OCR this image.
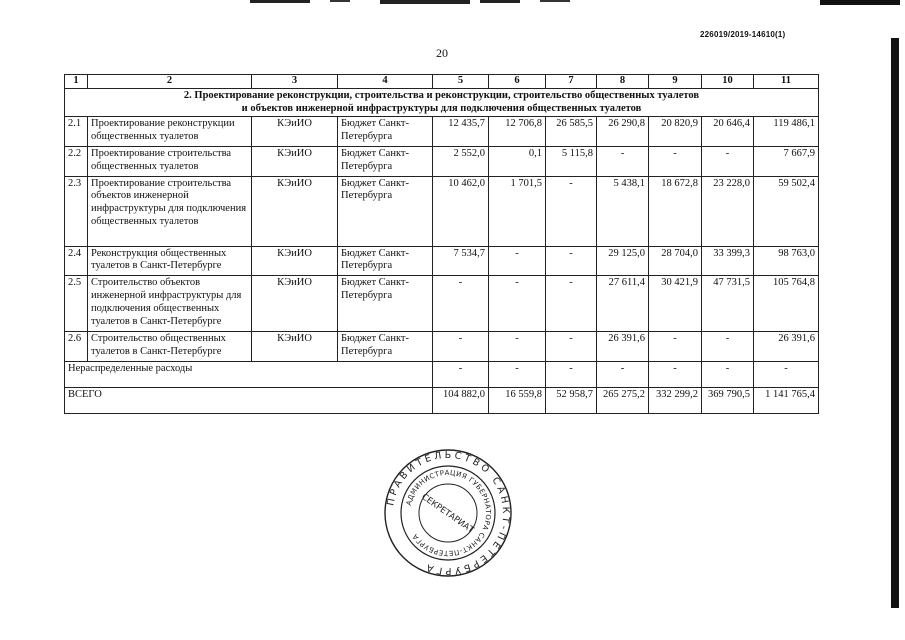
226019/2019-14610(1)
20
1	2	3	4	5	6	7	8	9	10	11
2. Проектирование реконструкции, строительства и реконструкции, строительство общественных туалетов
и объектов инженерной инфраструктуры для подключения общественных туалетов										
2.1	Проектирование реконструкции общественных туалетов	КЭиИО	Бюджет Санкт-Петербурга	12 435,7	12 706,8	26 585,5	26 290,8	20 820,9	20 646,4	119 486,1
2.2	Проектирование строительства общественных туалетов	КЭиИО	Бюджет Санкт-Петербурга	2 552,0	0,1	5 115,8	-	-	-	7 667,9
2.3	Проектирование строительства объектов инженерной инфраструктуры для подключения общественных туалетов	КЭиИО	Бюджет Санкт-Петербурга	10 462,0	1 701,5	-	5 438,1	18 672,8	23 228,0	59 502,4
2.4	Реконструкция общественных туалетов в Санкт-Петербурге	КЭиИО	Бюджет Санкт-Петербурга	7 534,7	-	-	29 125,0	28 704,0	33 399,3	98 763,0
2.5	Строительство объектов инженерной инфраструктуры для подключения общественных туалетов в Санкт-Петербурге	КЭиИО	Бюджет Санкт-Петербурга	-	-	-	27 611,4	30 421,9	47 731,5	105 764,8
2.6	Строительство общественных туалетов в Санкт-Петербурге	КЭиИО	Бюджет Санкт-Петербурга	-	-	-	26 391,6	-	-	26 391,6
Нераспределенные расходы				-	-	-	-	-	-	-
ВСЕГО				104 882,0	16 559,8	52 958,7	265 275,2	332 299,2	369 790,5	1 141 765,4
ПРАВИТЕЛЬСТВО САНКТ-ПЕТЕРБУРГА
АДМИНИСТРАЦИЯ ГУБЕРНАТОРА САНКТ-ПЕТЕРБУРГА
СЕКРЕТАРИАТ
